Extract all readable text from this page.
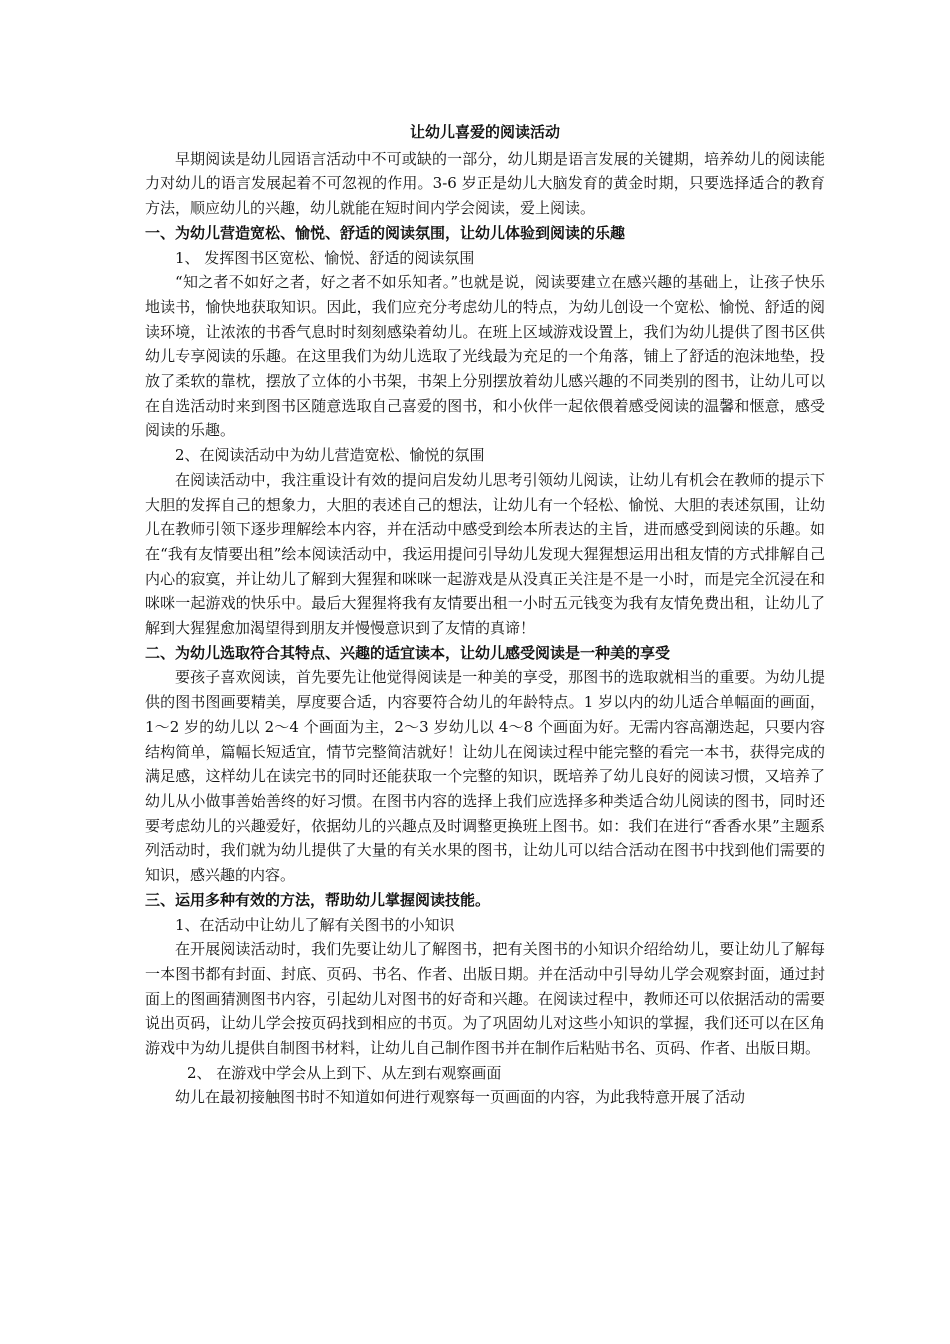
让幼儿喜爱的阅读活动

早期阅读是幼儿园语言活动中不可或缺的一部分，幼儿期是语言发展的关键期，培养幼儿的阅读能力对幼儿的语言发展起着不可忽视的作用。3-6 岁正是幼儿大脑发育的黄金时期，只要选择适合的教育方法，顺应幼儿的兴趣，幼儿就能在短时间内学会阅读，爱上阅读。

一、为幼儿营造宽松、愉悦、舒适的阅读氛围，让幼儿体验到阅读的乐趣

1、 发挥图书区宽松、愉悦、舒适的阅读氛围

“知之者不如好之者，好之者不如乐知者。”也就是说，阅读要建立在感兴趣的基础上，让孩子快乐地读书，愉快地获取知识。因此，我们应充分考虑幼儿的特点，为幼儿创设一个宽松、愉悦、舒适的阅读环境，让浓浓的书香气息时时刻刻感染着幼儿。在班上区域游戏设置上，我们为幼儿提供了图书区供幼儿专享阅读的乐趣。在这里我们为幼儿选取了光线最为充足的一个角落，铺上了舒适的泡沫地垫，投放了柔软的靠枕，摆放了立体的小书架，书架上分别摆放着幼儿感兴趣的不同类别的图书，让幼儿可以在自选活动时来到图书区随意选取自己喜爱的图书，和小伙伴一起依偎着感受阅读的温馨和惬意，感受阅读的乐趣。

2、在阅读活动中为幼儿营造宽松、愉悦的氛围

在阅读活动中，我注重设计有效的提问启发幼儿思考引领幼儿阅读，让幼儿有机会在教师的提示下大胆的发挥自己的想象力，大胆的表述自己的想法，让幼儿有一个轻松、愉悦、大胆的表述氛围，让幼儿在教师引领下逐步理解绘本内容，并在活动中感受到绘本所表达的主旨，进而感受到阅读的乐趣。如在“我有友情要出租”绘本阅读活动中，我运用提问引导幼儿发现大猩猩想运用出租友情的方式排解自己内心的寂寞，并让幼儿了解到大猩猩和咪咪一起游戏是从没真正关注是不是一小时，而是完全沉浸在和咪咪一起游戏的快乐中。最后大猩猩将我有友情要出租一小时五元钱变为我有友情免费出租，让幼儿了解到大猩猩愈加渴望得到朋友并慢慢意识到了友情的真谛！

二、为幼儿选取符合其特点、兴趣的适宜读本，让幼儿感受阅读是一种美的享受

要孩子喜欢阅读，首先要先让他觉得阅读是一种美的享受，那图书的选取就相当的重要。为幼儿提供的图书图画要精美，厚度要合适，内容要符合幼儿的年龄特点。1 岁以内的幼儿适合单幅面的画面，1～2 岁的幼儿以 2～4 个画面为主，2～3 岁幼儿以 4～8 个画面为好。无需内容高潮迭起，只要内容结构简单，篇幅长短适宜，情节完整简洁就好！让幼儿在阅读过程中能完整的看完一本书，获得完成的满足感，这样幼儿在读完书的同时还能获取一个完整的知识，既培养了幼儿良好的阅读习惯，又培养了幼儿从小做事善始善终的好习惯。在图书内容的选择上我们应选择多种类适合幼儿阅读的图书，同时还要考虑幼儿的兴趣爱好，依据幼儿的兴趣点及时调整更换班上图书。如：我们在进行“香香水果”主题系列活动时，我们就为幼儿提供了大量的有关水果的图书，让幼儿可以结合活动在图书中找到他们需要的知识，感兴趣的内容。

三、运用多种有效的方法，帮助幼儿掌握阅读技能。

1、在活动中让幼儿了解有关图书的小知识

在开展阅读活动时，我们先要让幼儿了解图书，把有关图书的小知识介绍给幼儿，要让幼儿了解每一本图书都有封面、封底、页码、书名、作者、出版日期。并在活动中引导幼儿学会观察封面，通过封面上的图画猜测图书内容，引起幼儿对图书的好奇和兴趣。在阅读过程中，教师还可以依据活动的需要说出页码，让幼儿学会按页码找到相应的书页。为了巩固幼儿对这些小知识的掌握，我们还可以在区角游戏中为幼儿提供自制图书材料，让幼儿自己制作图书并在制作后粘贴书名、页码、作者、出版日期。

2、 在游戏中学会从上到下、从左到右观察画面

幼儿在最初接触图书时不知道如何进行观察每一页画面的内容，为此我特意开展了活动
